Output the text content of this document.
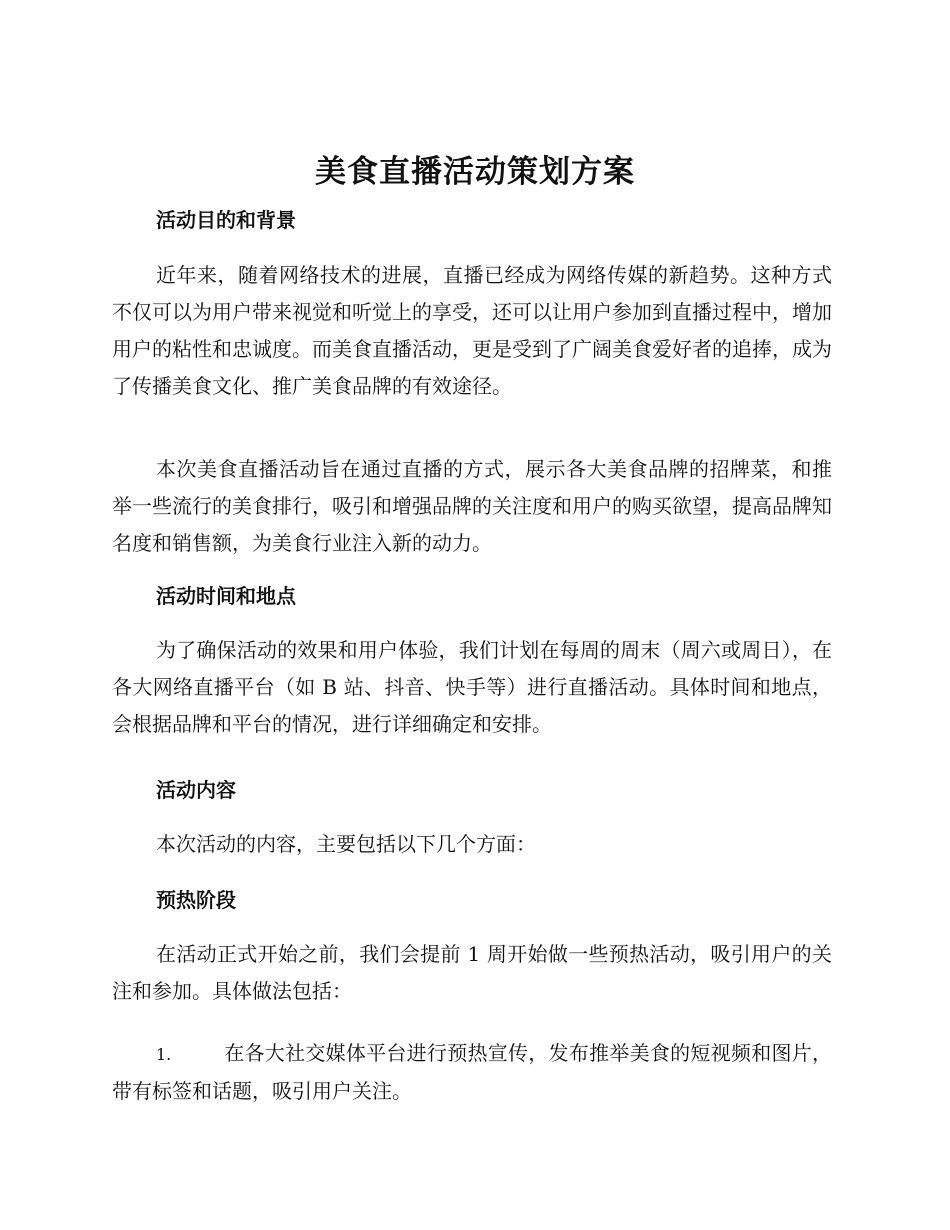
美食直播活动策划方案
活动目的和背景

近年来，随着网络技术的进展，直播已经成为网络传媒的新趋势。这种方式不仅可以为用户带来视觉和听觉上的享受，还可以让用户参加到直播过程中，增加用户的粘性和忠诚度。而美食直播活动，更是受到了广阔美食爱好者的追捧，成为了传播美食文化、推广美食品牌的有效途径。

本次美食直播活动旨在通过直播的方式，展示各大美食品牌的招牌菜，和推举一些流行的美食排行，吸引和增强品牌的关注度和用户的购买欲望，提高品牌知名度和销售额，为美食行业注入新的动力。

活动时间和地点

为了确保活动的效果和用户体验，我们计划在每周的周末（周六或周日），在各大网络直播平台（如 B 站、抖音、快手等）进行直播活动。具体时间和地点，会根据品牌和平台的情况，进行详细确定和安排。

活动内容

本次活动的内容，主要包括以下几个方面：

预热阶段

在活动正式开始之前，我们会提前 1 周开始做一些预热活动，吸引用户的关注和参加。具体做法包括：

1.	在各大社交媒体平台进行预热宣传，发布推举美食的短视频和图片，带有标签和话题，吸引用户关注。
